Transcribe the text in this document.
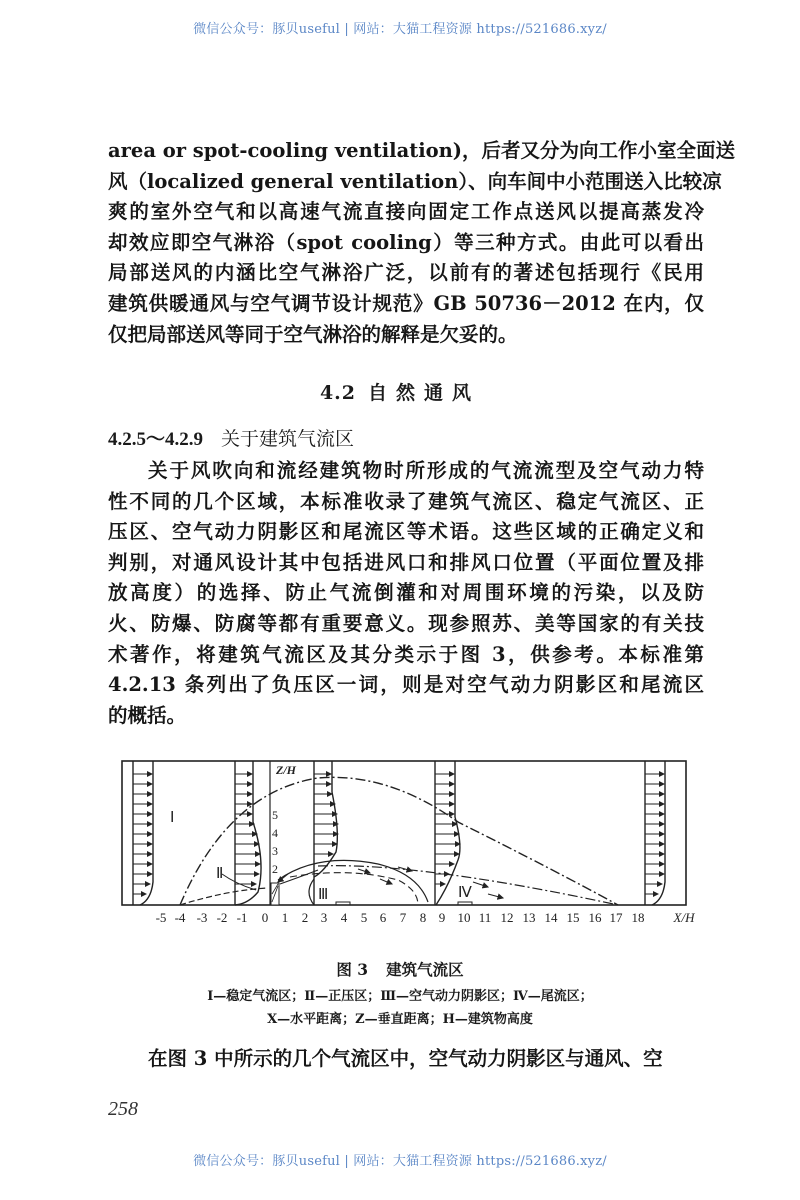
微信公众号：豚贝useful | 网站：大猫工程资源 https://521686.xyz/
area or spot-cooling ventilation)，后者又分为向工作小室全面送
风（localized general ventilation）、向车间中小范围送入比较凉
爽的室外空气和以高速气流直接向固定工作点送风以提高蒸发冷
却效应即空气淋浴（spot cooling）等三种方式。由此可以看出
局部送风的内涵比空气淋浴广泛，以前有的著述包括现行《民用
建筑供暖通风与空气调节设计规范》GB 50736－2012 在内，仅
仅把局部送风等同于空气淋浴的解释是欠妥的。
4.2 自然通风
4.2.5～4.2.9 关于建筑气流区
关于风吹向和流经建筑物时所形成的气流流型及空气动力特
性不同的几个区域，本标准收录了建筑气流区、稳定气流区、正
压区、空气动力阴影区和尾流区等术语。这些区域的正确定义和
判别，对通风设计其中包括进风口和排风口位置（平面位置及排
放高度）的选择、防止气流倒灌和对周围环境的污染，以及防
火、防爆、防腐等都有重要意义。现参照苏、美等国家的有关技
术著作，将建筑气流区及其分类示于图 3，供参考。本标准第
4.2.13 条列出了负压区一词，则是对空气动力阴影区和尾流区
的概括。
Z/H
5
4
3
2
Ⅰ
Ⅱ
Ⅲ	Ⅳ
-5 -4 -3 -2 -1 0 1 2 3 4 5 6 7 8 9 10 11 12 13 14 15 16 17 18 X/H
图 3 建筑气流区
Ⅰ—稳定气流区；Ⅱ—正压区；Ⅲ—空气动力阴影区；Ⅳ—尾流区；
X—水平距离；Z—垂直距离；H—建筑物高度
在图 3 中所示的几个气流区中，空气动力阴影区与通风、空
258
微信公众号：豚贝useful | 网站：大猫工程资源 https://521686.xyz/
